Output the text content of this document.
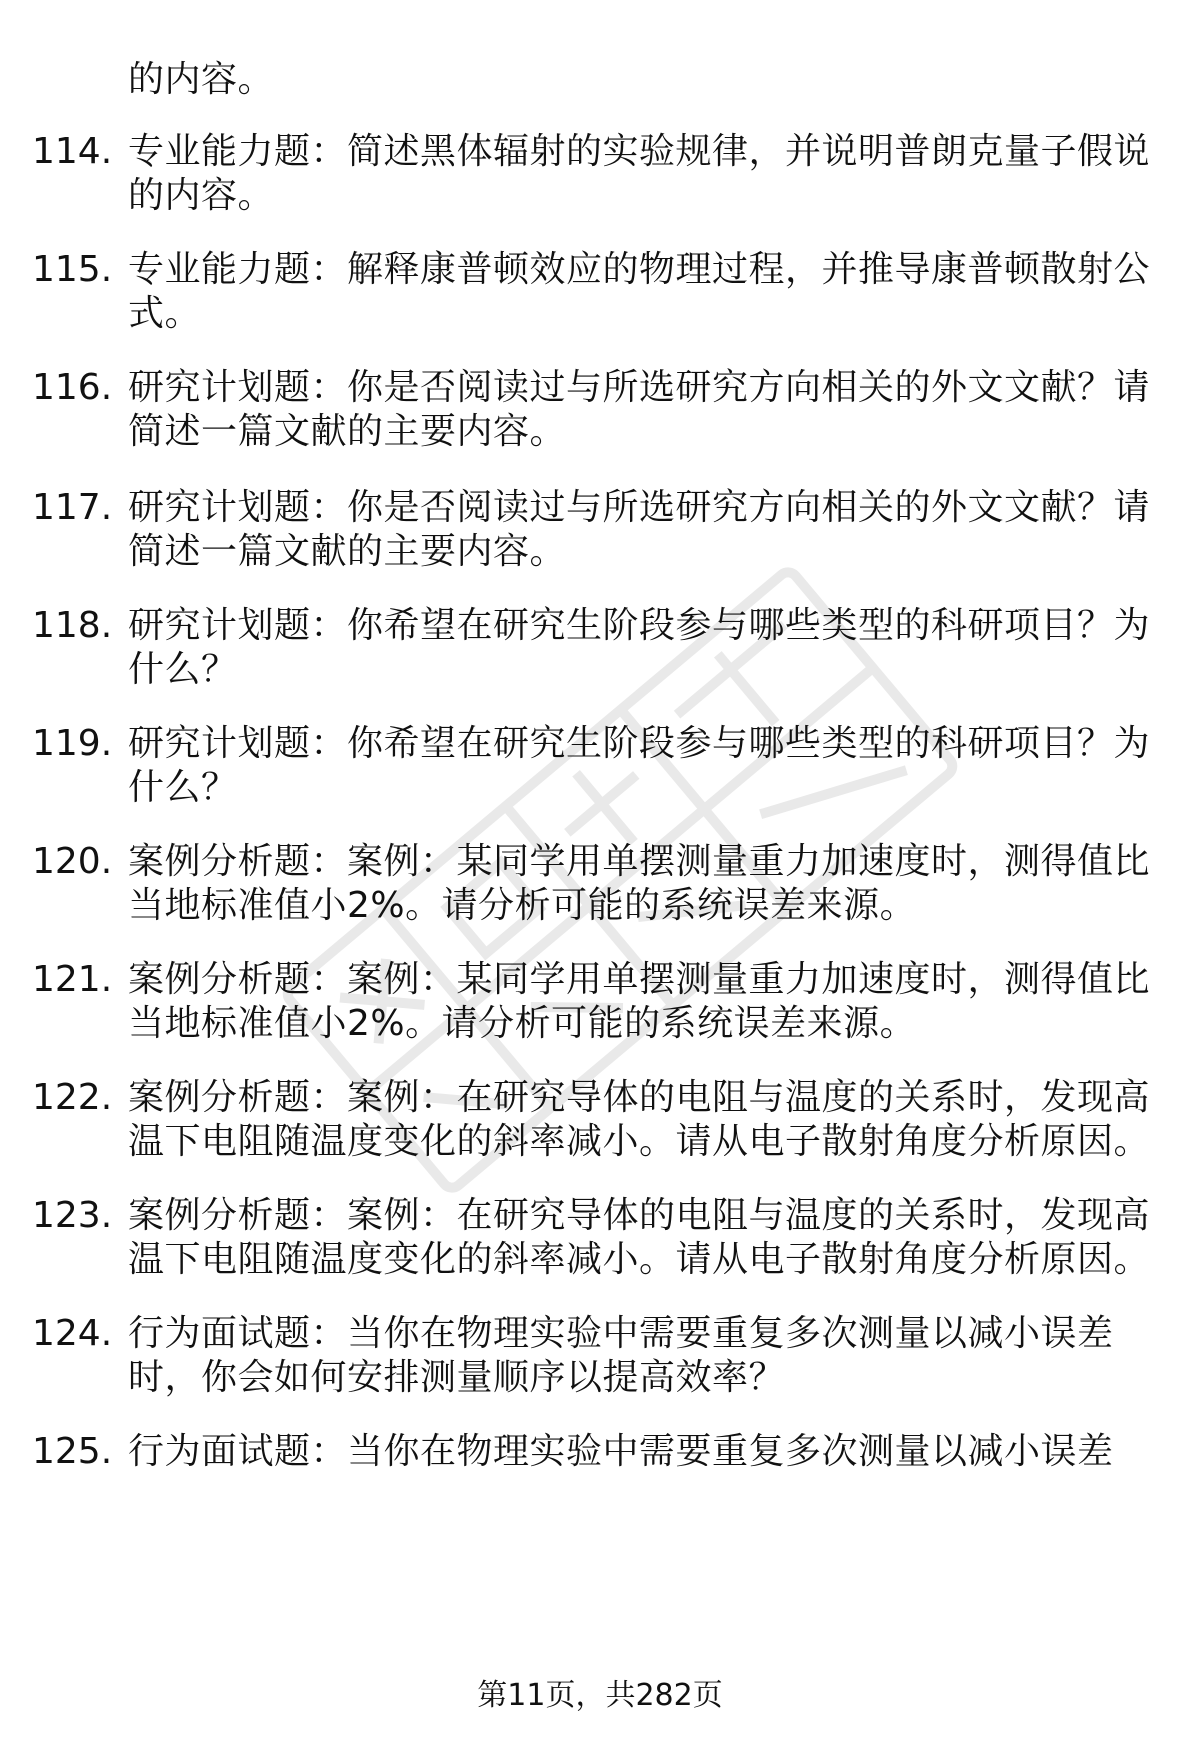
的内容。
114. 专业能力题：简述黑体辐射的实验规律，并说明普朗克量子假说
的内容。
115. 专业能力题：解释康普顿效应的物理过程，并推导康普顿散射公
式。
116. 研究计划题：你是否阅读过与所选研究方向相关的外文文献？请
简述一篇文献的主要内容。
117. 研究计划题：你是否阅读过与所选研究方向相关的外文文献？请
简述一篇文献的主要内容。
118. 研究计划题：你希望在研究生阶段参与哪些类型的科研项目？为
什么？
119. 研究计划题：你希望在研究生阶段参与哪些类型的科研项目？为
什么？
120. 案例分析题：案例：某同学用单摆测量重力加速度时，测得值比
当地标准值小2%。请分析可能的系统误差来源。
121. 案例分析题：案例：某同学用单摆测量重力加速度时，测得值比
当地标准值小2%。请分析可能的系统误差来源。
122. 案例分析题：案例：在研究导体的电阻与温度的关系时，发现高
温下电阻随温度变化的斜率减小。请从电子散射角度分析原因。
123. 案例分析题：案例：在研究导体的电阻与温度的关系时，发现高
温下电阻随温度变化的斜率减小。请从电子散射角度分析原因。
124. 行为面试题：当你在物理实验中需要重复多次测量以减小误差
时，你会如何安排测量顺序以提高效率？
125. 行为面试题：当你在物理实验中需要重复多次测量以减小误差
第11页，共282页
